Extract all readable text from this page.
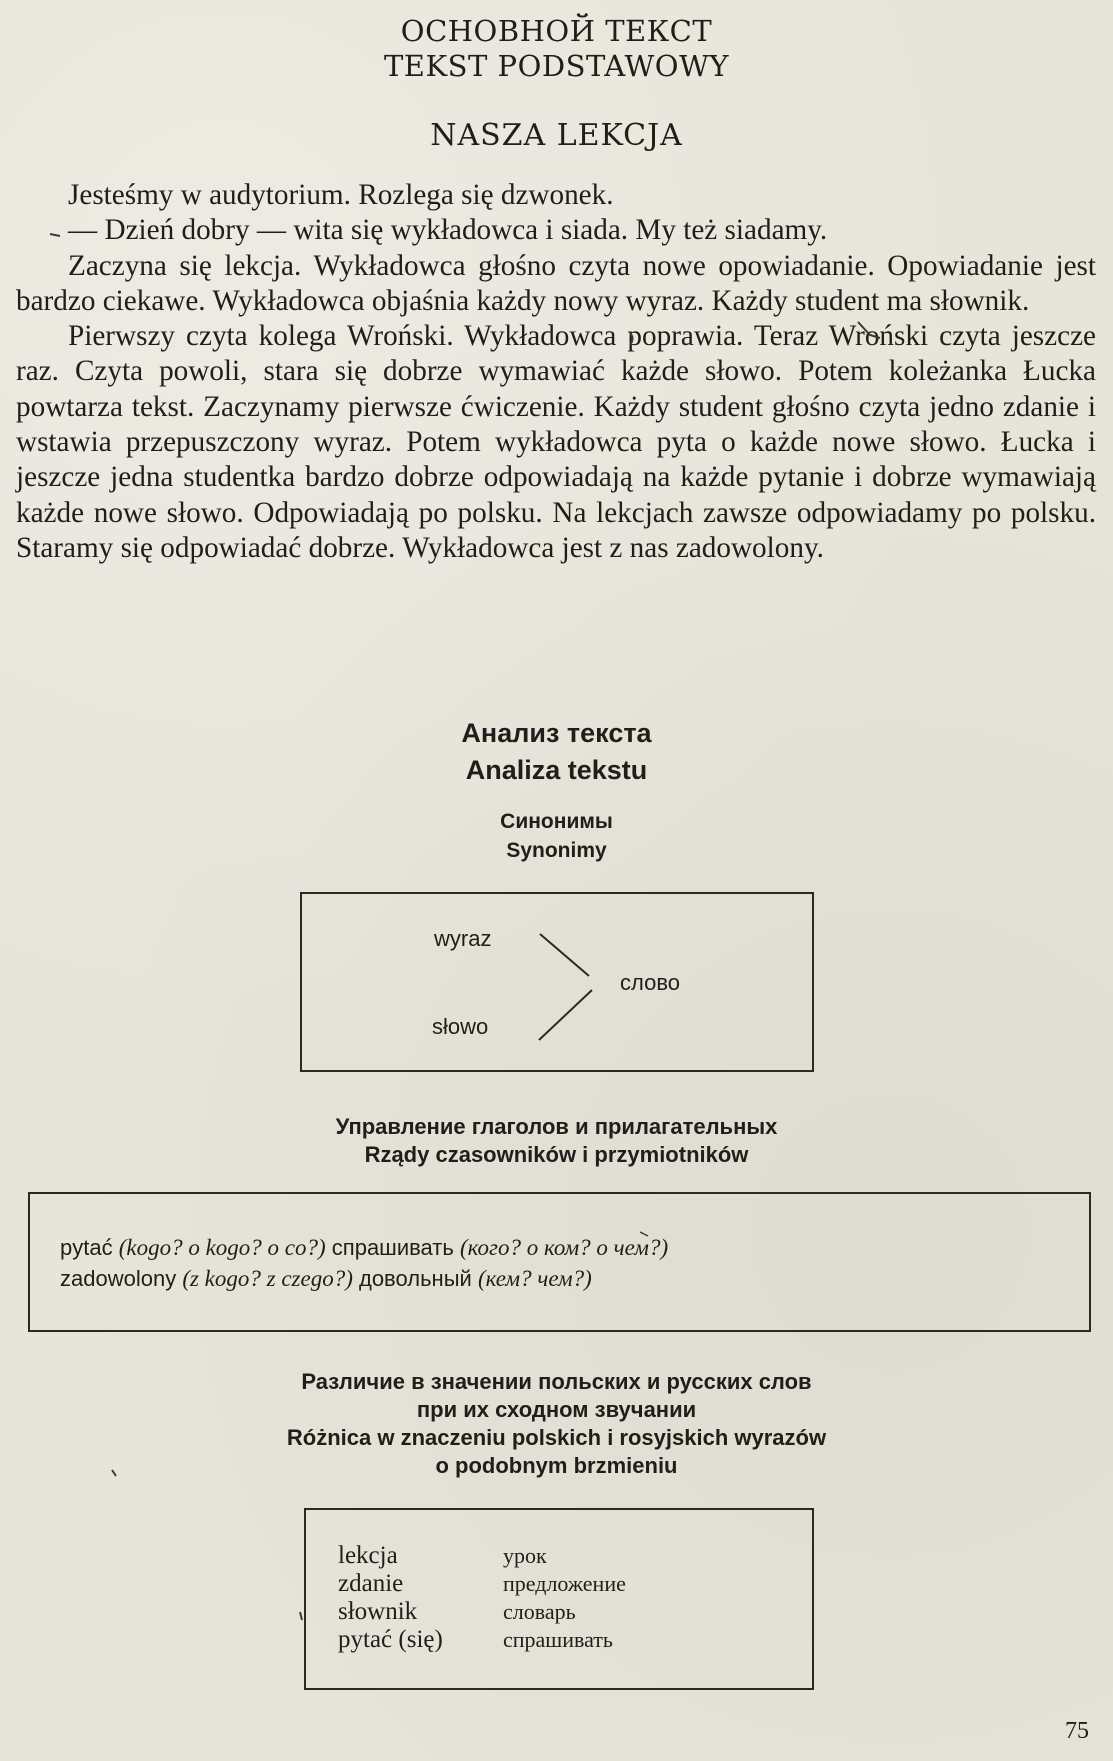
ОСНОВНОЙ ТЕКСТ
TEKST PODSTAWOWY
NASZA LEKCJA

Jesteśmy w audytorium. Rozlega się dzwonek.

— Dzień dobry — wita się wykładowca i siada. My też siadamy.

Zaczyna się lekcja. Wykładowca głośno czyta nowe opowiadanie. Opowiadanie jest bardzo ciekawe. Wykładowca objaśnia każdy nowy wyraz. Każdy student ma słownik.

Pierwszy czyta kolega Wroński. Wykładowca poprawia. Teraz Wroński czyta jeszcze raz. Czyta powoli, stara się dobrze wymawiać każde słowo. Potem koleżanka Łucka powtarza tekst. Zaczynamy pierwsze ćwiczenie. Każdy student głośno czyta jedno zdanie i wstawia przepuszczony wyraz. Potem wykładowca pyta o każde nowe słowo. Łucka i jeszcze jedna studentka bardzo dobrze odpowiadają na każde pytanie i dobrze wymawiają każde nowe słowo. Odpowiadają po polsku. Na lekcjach zawsze odpowiadamy po polsku. Staramy się odpowiadać dobrze. Wykładowca jest z nas zadowolony.

Анализ текста
Analiza tekstu
Синонимы
Synonimy
wyraz
słowo
слово
Управление глаголов и прилагательных
Rządy czasowników i przymiotników
pytać (kogo? o kogo? o co?) спрашивать (кого? о ком? о чем?)
zadowolony (z kogo? z czego?) довольный (кем? чем?)
Различие в значении польских и русских слов
при их сходном звучании
Różnica w znaczeniu polskich i rosyjskich wyrazów
o podobnym brzmieniu
lekcja	урок
zdanie	предложение
słownik	словарь
pytać (się)	спрашивать
75
